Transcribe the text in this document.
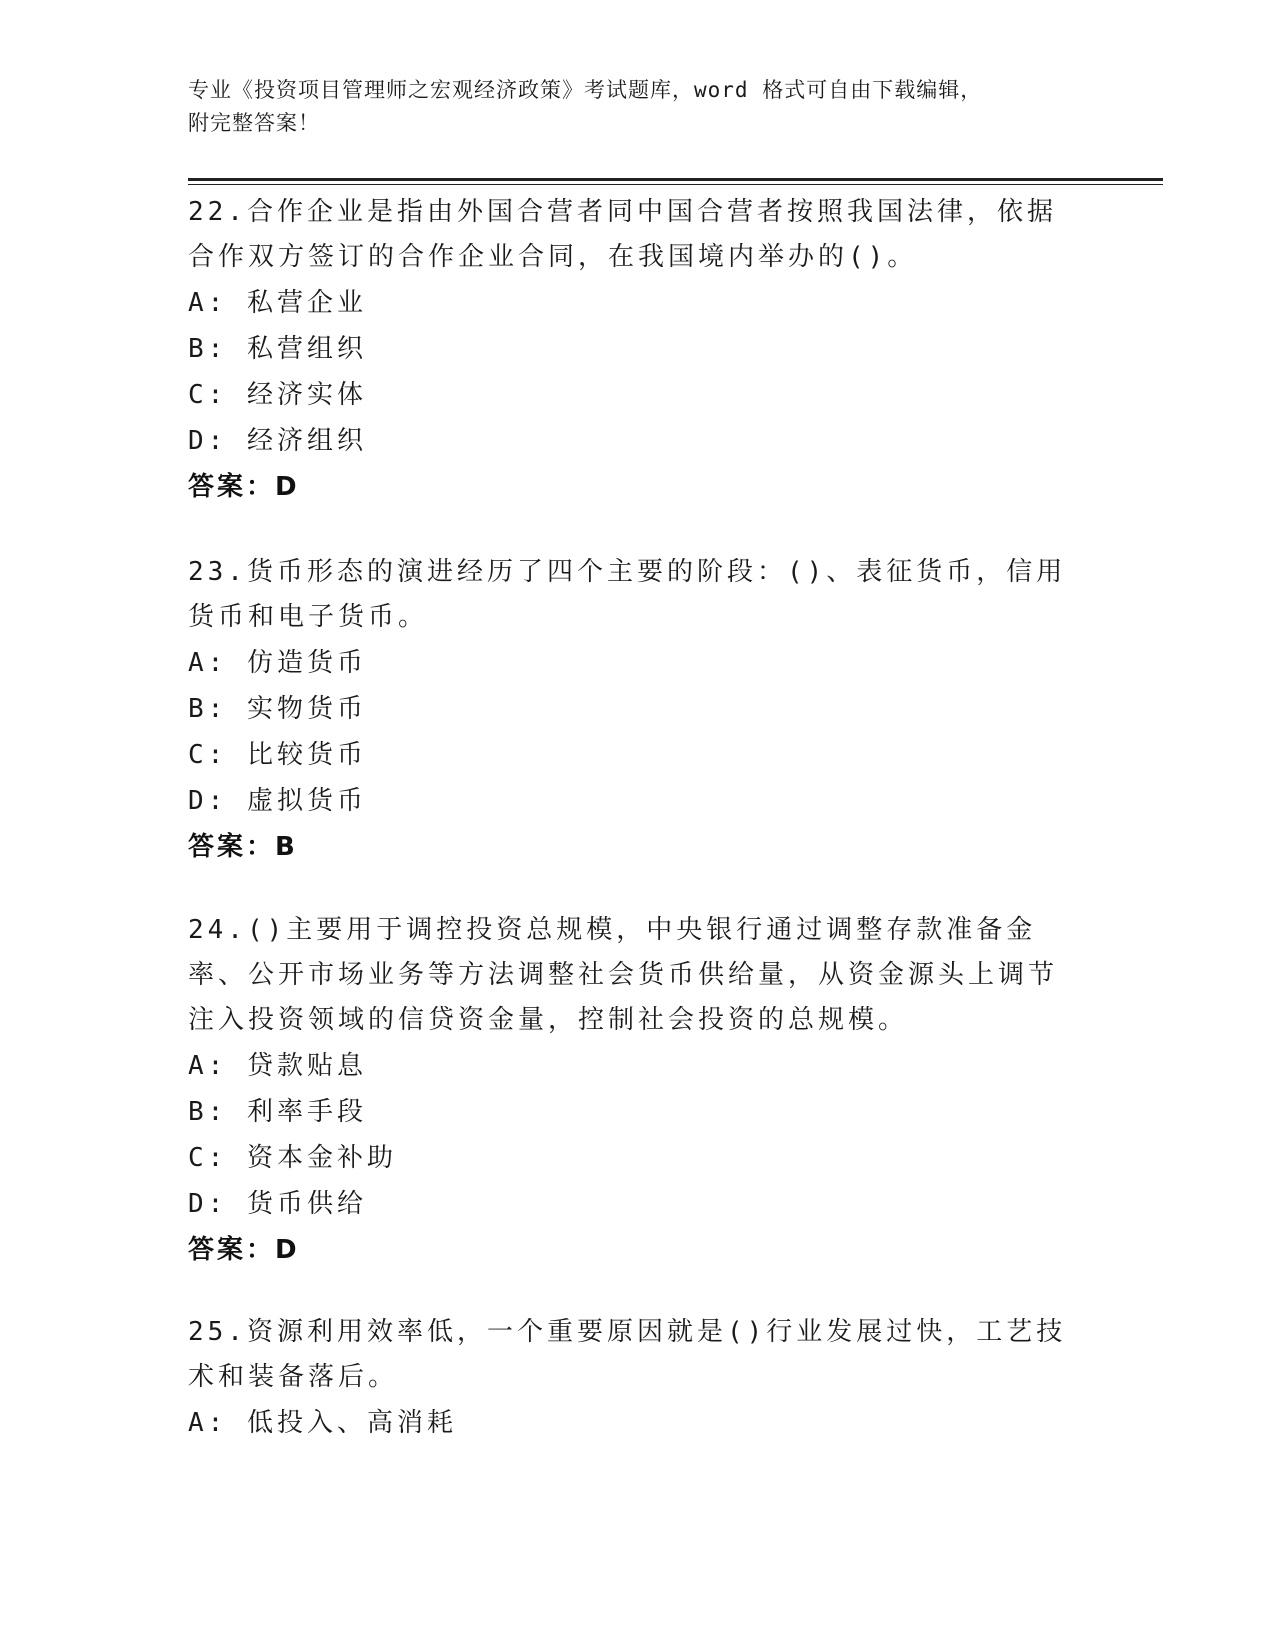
专业《投资项目管理师之宏观经济政策》考试题库，word 格式可自由下载编辑，
附完整答案！

22.合作企业是指由外国合营者同中国合营者按照我国法律，依据合作双方签订的合作企业合同，在我国境内举办的()。

A: 私营企业

B: 私营组织

C: 经济实体

D: 经济组织

答案：D

23.货币形态的演进经历了四个主要的阶段：()、表征货币，信用货币和电子货币。

A: 仿造货币

B: 实物货币

C: 比较货币

D: 虚拟货币

答案：B

24.()主要用于调控投资总规模，中央银行通过调整存款准备金率、公开市场业务等方法调整社会货币供给量，从资金源头上调节注入投资领域的信贷资金量，控制社会投资的总规模。

A: 贷款贴息

B: 利率手段

C: 资本金补助

D: 货币供给

答案：D

25.资源利用效率低，一个重要原因就是()行业发展过快，工艺技术和装备落后。

A: 低投入、高消耗
